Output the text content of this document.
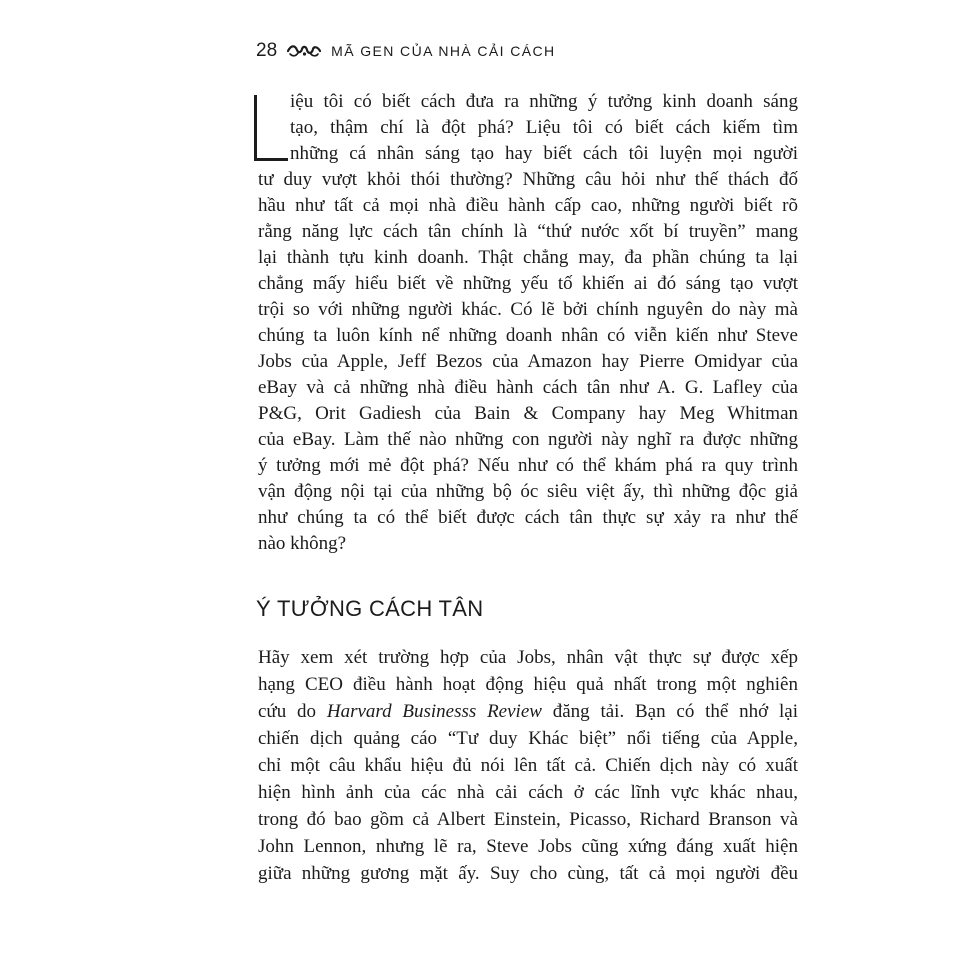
28	MÃ GEN CỦA NHÀ CẢI CÁCH
iệu tôi có biết cách đưa ra những ý tưởng kinh doanh sáng
tạo, thậm chí là đột phá? Liệu tôi có biết cách kiếm tìm
những cá nhân sáng tạo hay biết cách tôi luyện mọi người
tư duy vượt khỏi thói thường? Những câu hỏi như thế thách đố
hầu như tất cả mọi nhà điều hành cấp cao, những người biết rõ
rằng năng lực cách tân chính là “thứ nước xốt bí truyền” mang
lại thành tựu kinh doanh. Thật chẳng may, đa phần chúng ta lại
chẳng mấy hiểu biết về những yếu tố khiến ai đó sáng tạo vượt
trội so với những người khác. Có lẽ bởi chính nguyên do này mà
chúng ta luôn kính nể những doanh nhân có viễn kiến như Steve
Jobs của Apple, Jeff Bezos của Amazon hay Pierre Omidyar của
eBay và cả những nhà điều hành cách tân như A. G. Lafley của
P&G, Orit Gadiesh của Bain & Company hay Meg Whitman
của eBay. Làm thế nào những con người này nghĩ ra được những
ý tưởng mới mẻ đột phá? Nếu như có thể khám phá ra quy trình
vận động nội tại của những bộ óc siêu việt ấy, thì những độc giả
như chúng ta có thể biết được cách tân thực sự xảy ra như thế
nào không?
Ý TƯỞNG CÁCH TÂN
Hãy xem xét trường hợp của Jobs, nhân vật thực sự được xếp
hạng CEO điều hành hoạt động hiệu quả nhất trong một nghiên
cứu do Harvard Businesss Review đăng tải. Bạn có thể nhớ lại
chiến dịch quảng cáo “Tư duy Khác biệt” nổi tiếng của Apple,
chỉ một câu khẩu hiệu đủ nói lên tất cả. Chiến dịch này có xuất
hiện hình ảnh của các nhà cải cách ở các lĩnh vực khác nhau,
trong đó bao gồm cả Albert Einstein, Picasso, Richard Branson và
John Lennon, nhưng lẽ ra, Steve Jobs cũng xứng đáng xuất hiện
giữa những gương mặt ấy. Suy cho cùng, tất cả mọi người đều
